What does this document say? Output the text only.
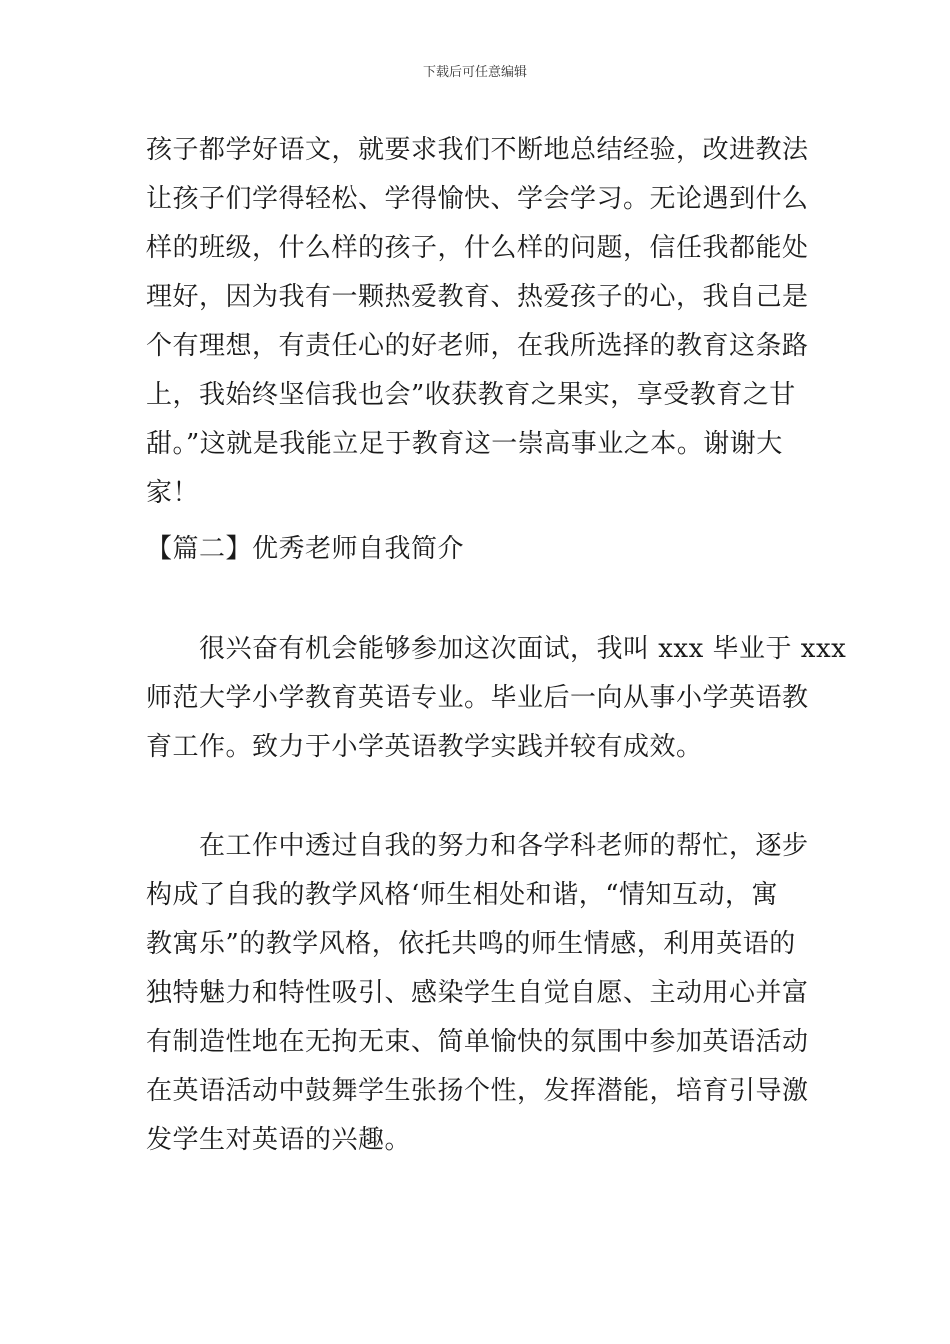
下载后可任意编辑
孩子都学好语文，就要求我们不断地总结经验，改进教法
让孩子们学得轻松、学得愉快、学会学习。无论遇到什么
样的班级，什么样的孩子，什么样的问题，信任我都能处
理好，因为我有一颗热爱教育、热爱孩子的心，我自己是
个有理想，有责任心的好老师，在我所选择的教育这条路
上，我始终坚信我也会”收获教育之果实，享受教育之甘
甜。”这就是我能立足于教育这一崇高事业之本。谢谢大
家！
【篇二】优秀老师自我简介
　　很兴奋有机会能够参加这次面试，我叫 xxx 毕业于 xxx
师范大学小学教育英语专业。毕业后一向从事小学英语教
育工作。致力于小学英语教学实践并较有成效。
　　在工作中透过自我的努力和各学科老师的帮忙，逐步
构成了自我的教学风格‘师生相处和谐，“情知互动，寓
教寓乐”的教学风格，依托共鸣的师生情感，利用英语的
独特魅力和特性吸引、感染学生自觉自愿、主动用心并富
有制造性地在无拘无束、简单愉快的氛围中参加英语活动
在英语活动中鼓舞学生张扬个性，发挥潜能，培育引导激
发学生对英语的兴趣。
